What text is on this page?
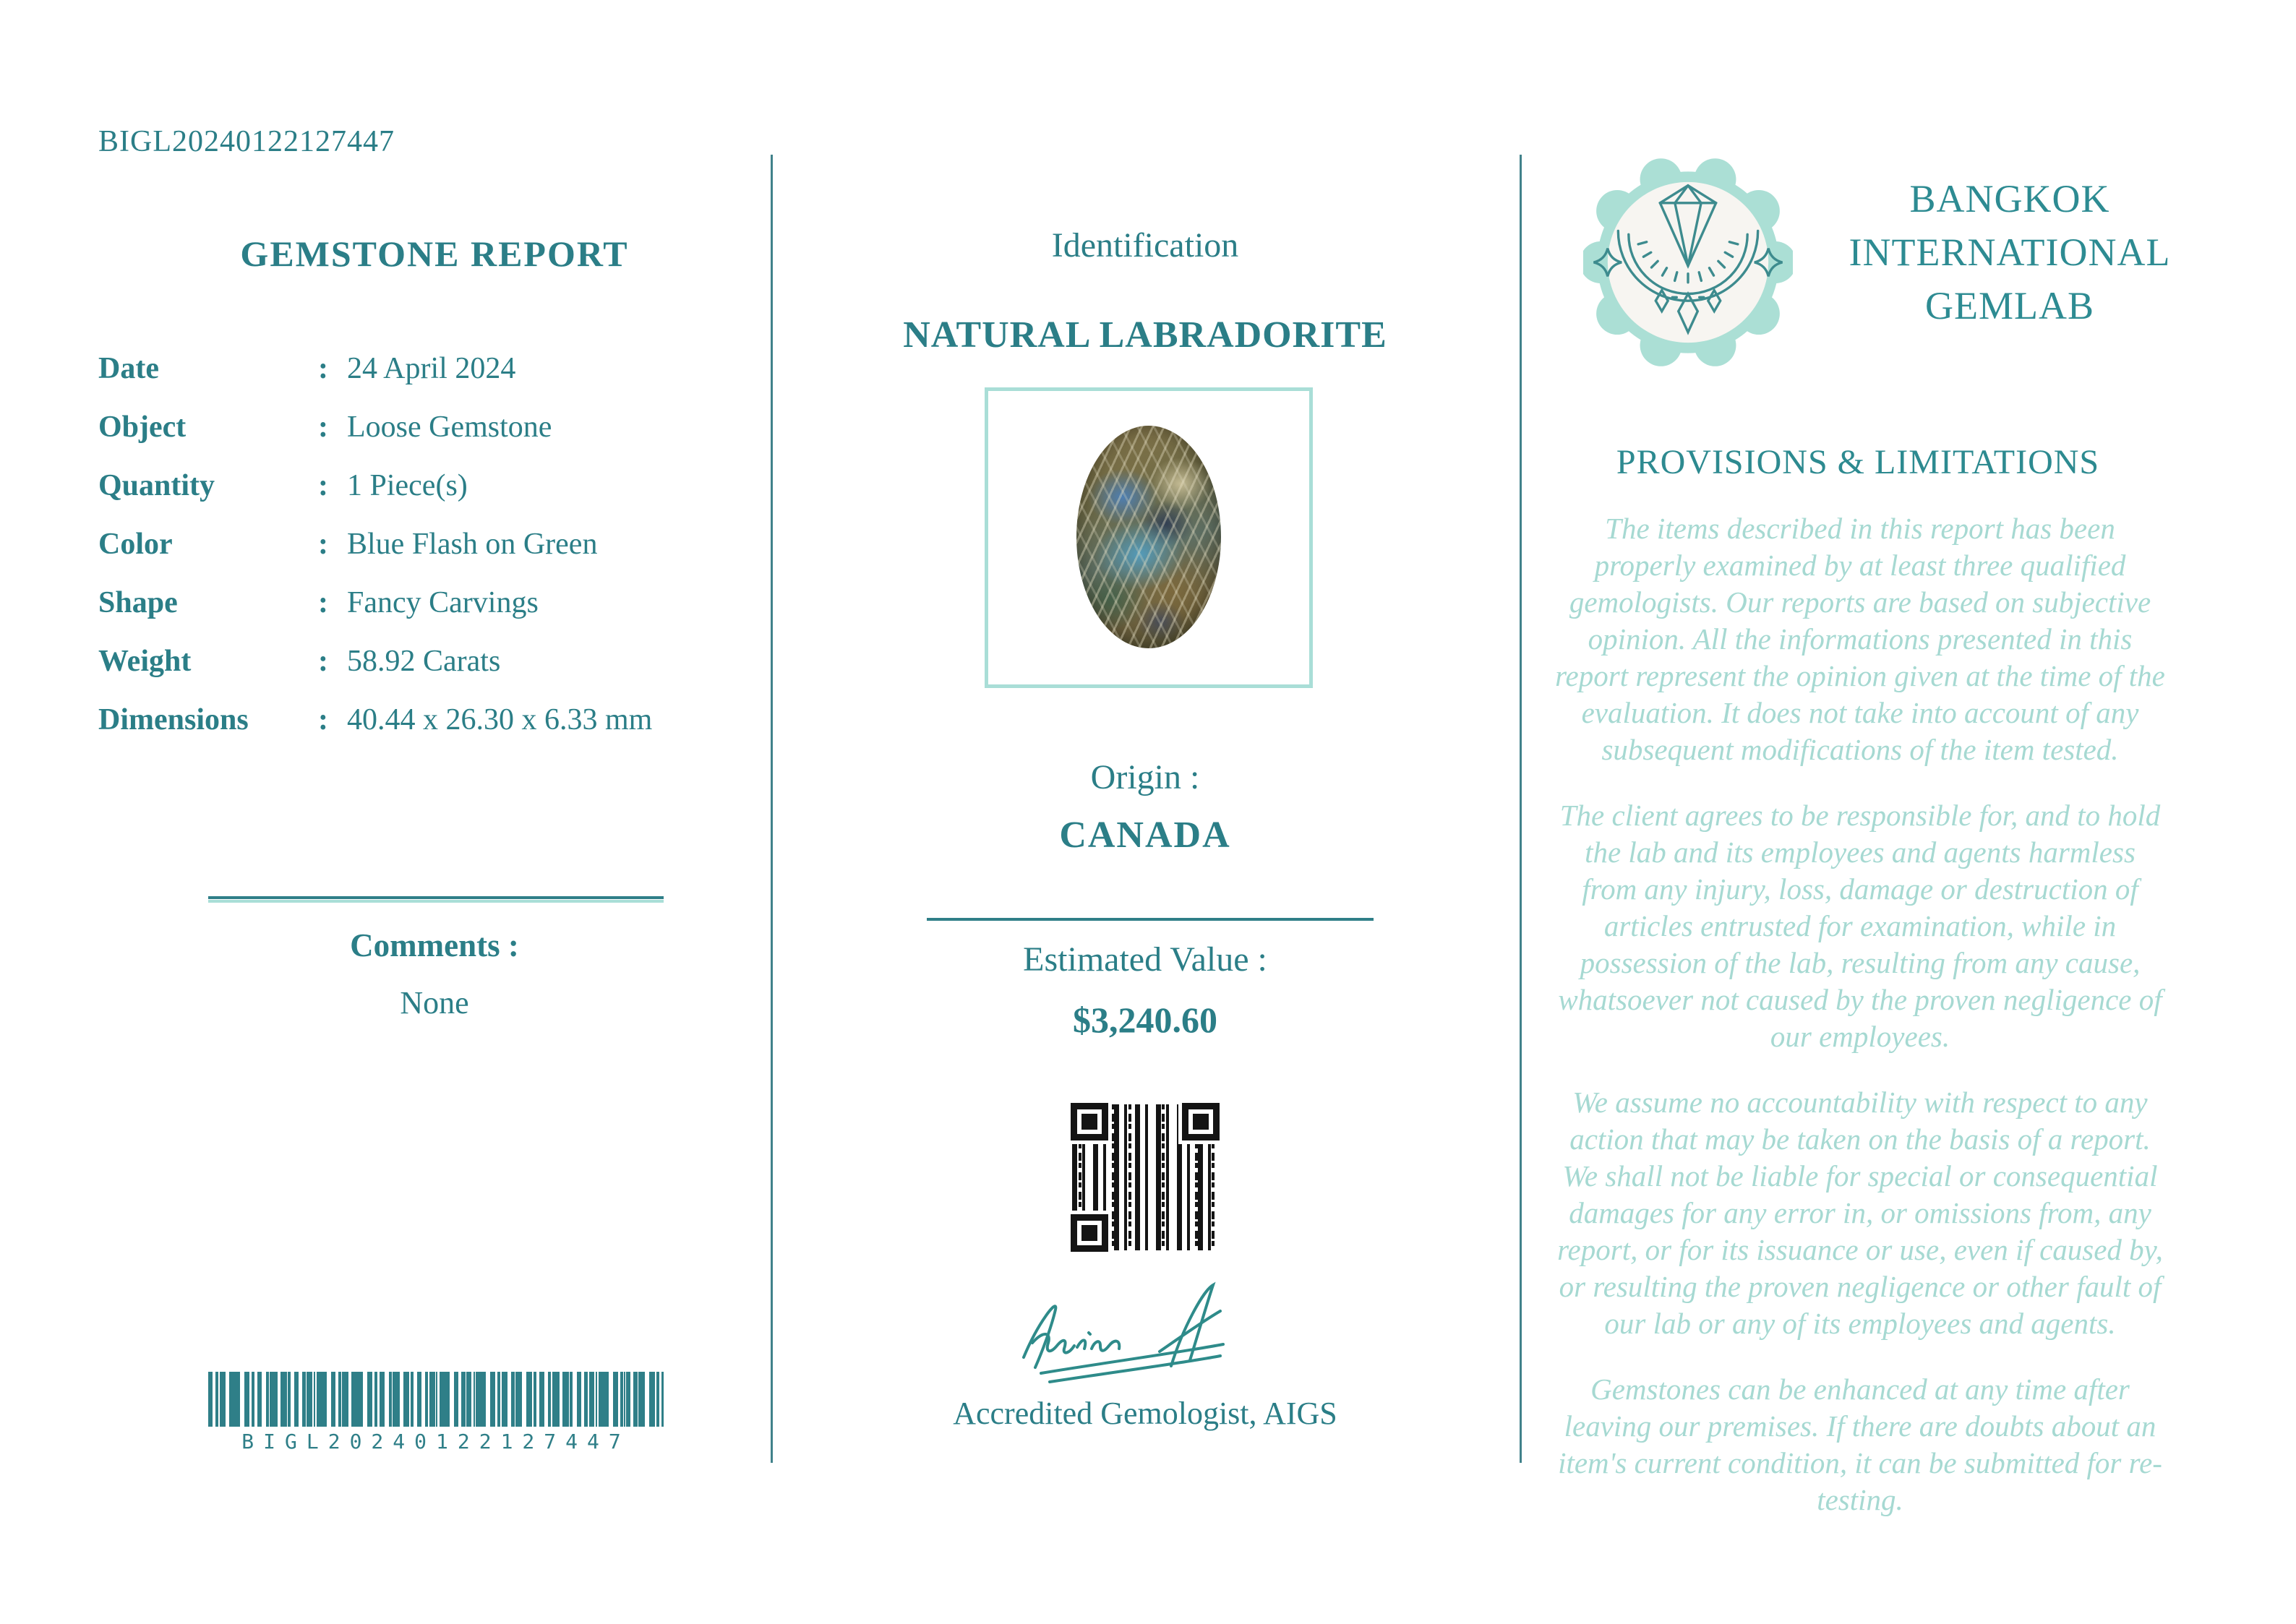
BIGL20240122127447
GEMSTONE REPORT
Date	: 24 April 2024
Object	: Loose Gemstone
Quantity	: 1 Piece(s)
Color	: Blue Flash on Green
Shape	: Fancy Carvings
Weight	: 58.92 Carats
Dimensions	: 40.44 x 26.30 x 6.33 mm
Comments :
None
BIGL20240122127447
Identification
NATURAL LABRADORITE
Origin :
CANADA
Estimated Value :
$3,240.60
Accredited Gemologist, AIGS
BANGKOK
INTERNATIONAL
GEMLAB
PROVISIONS & LIMITATIONS

The items described in this report has been properly examined by at least three qualified gemologists. Our reports are based on subjective opinion. All the informations presented in this report represent the opinion given at the time of the evaluation. It does not take into account of any subsequent modifications of the item tested.

The client agrees to be responsible for, and to hold the lab and its employees and agents harmless from any injury, loss, damage or destruction of articles entrusted for examination, while in possession of the lab, resulting from any cause, whatsoever not caused by the proven negligence of our employees.

We assume no accountability with respect to any action that may be taken on the basis of a report. We shall not be liable for special or consequential damages for any error in, or omissions from, any report, or for its issuance or use, even if caused by, or resulting the proven negligence or other fault of our lab or any of its employees and agents.

Gemstones can be enhanced at any time after leaving our premises. If there are doubts about an item's current condition, it can be submitted for re-testing.
